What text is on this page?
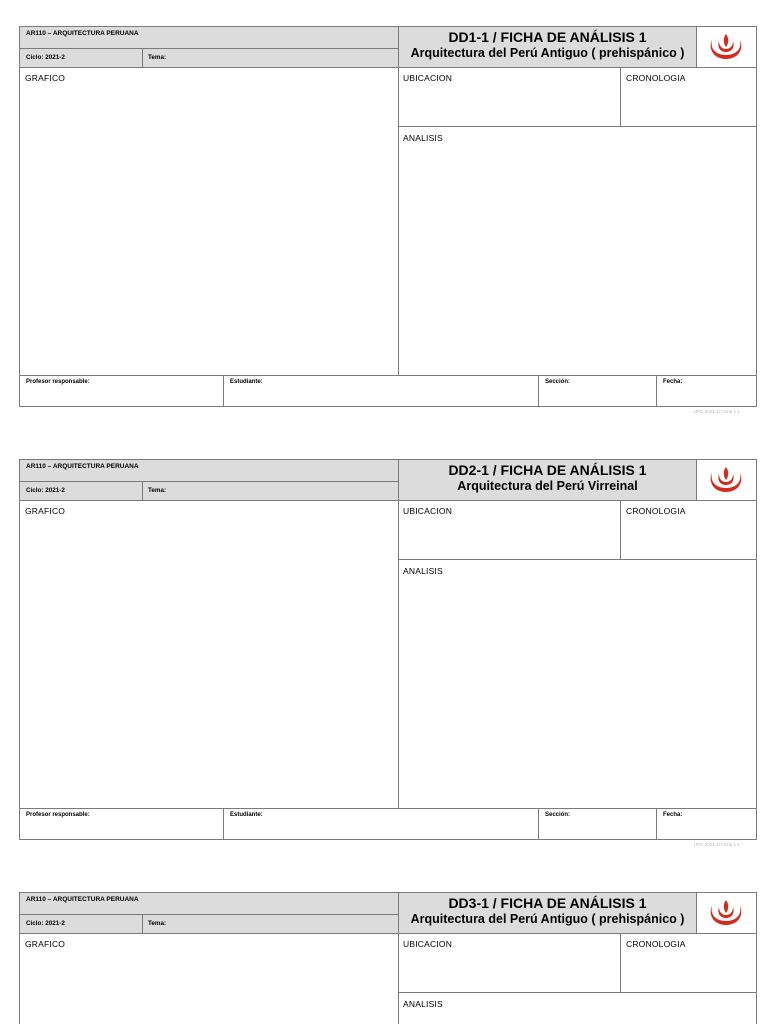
AR110 – ARQUITECTURA PERUANA
Ciclo: 2021-2	Tema:
DD1-1 / FICHA DE ANÁLISIS 1
Arquitectura del Perú Antiguo ( prehispánico )
GRAFICO	UBICACION	CRONOLOGIA
ANALISIS
Profesor responsable:	Estudiante:	Sección:	Fecha:
UPC-2021-1/ Ficha 1-1
AR110 – ARQUITECTURA PERUANA
Ciclo: 2021-2	Tema:
DD2-1 / FICHA DE ANÁLISIS 1
Arquitectura del Perú Virreinal
GRAFICO	UBICACION	CRONOLOGIA
ANALISIS
Profesor responsable:	Estudiante:	Sección:	Fecha:
UPC-2021-1/ Ficha 1-1
AR110 – ARQUITECTURA PERUANA
Ciclo: 2021-2	Tema:
DD3-1 / FICHA DE ANÁLISIS 1
Arquitectura del Perú Antiguo ( prehispánico )
GRAFICO	UBICACION	CRONOLOGIA
ANALISIS
